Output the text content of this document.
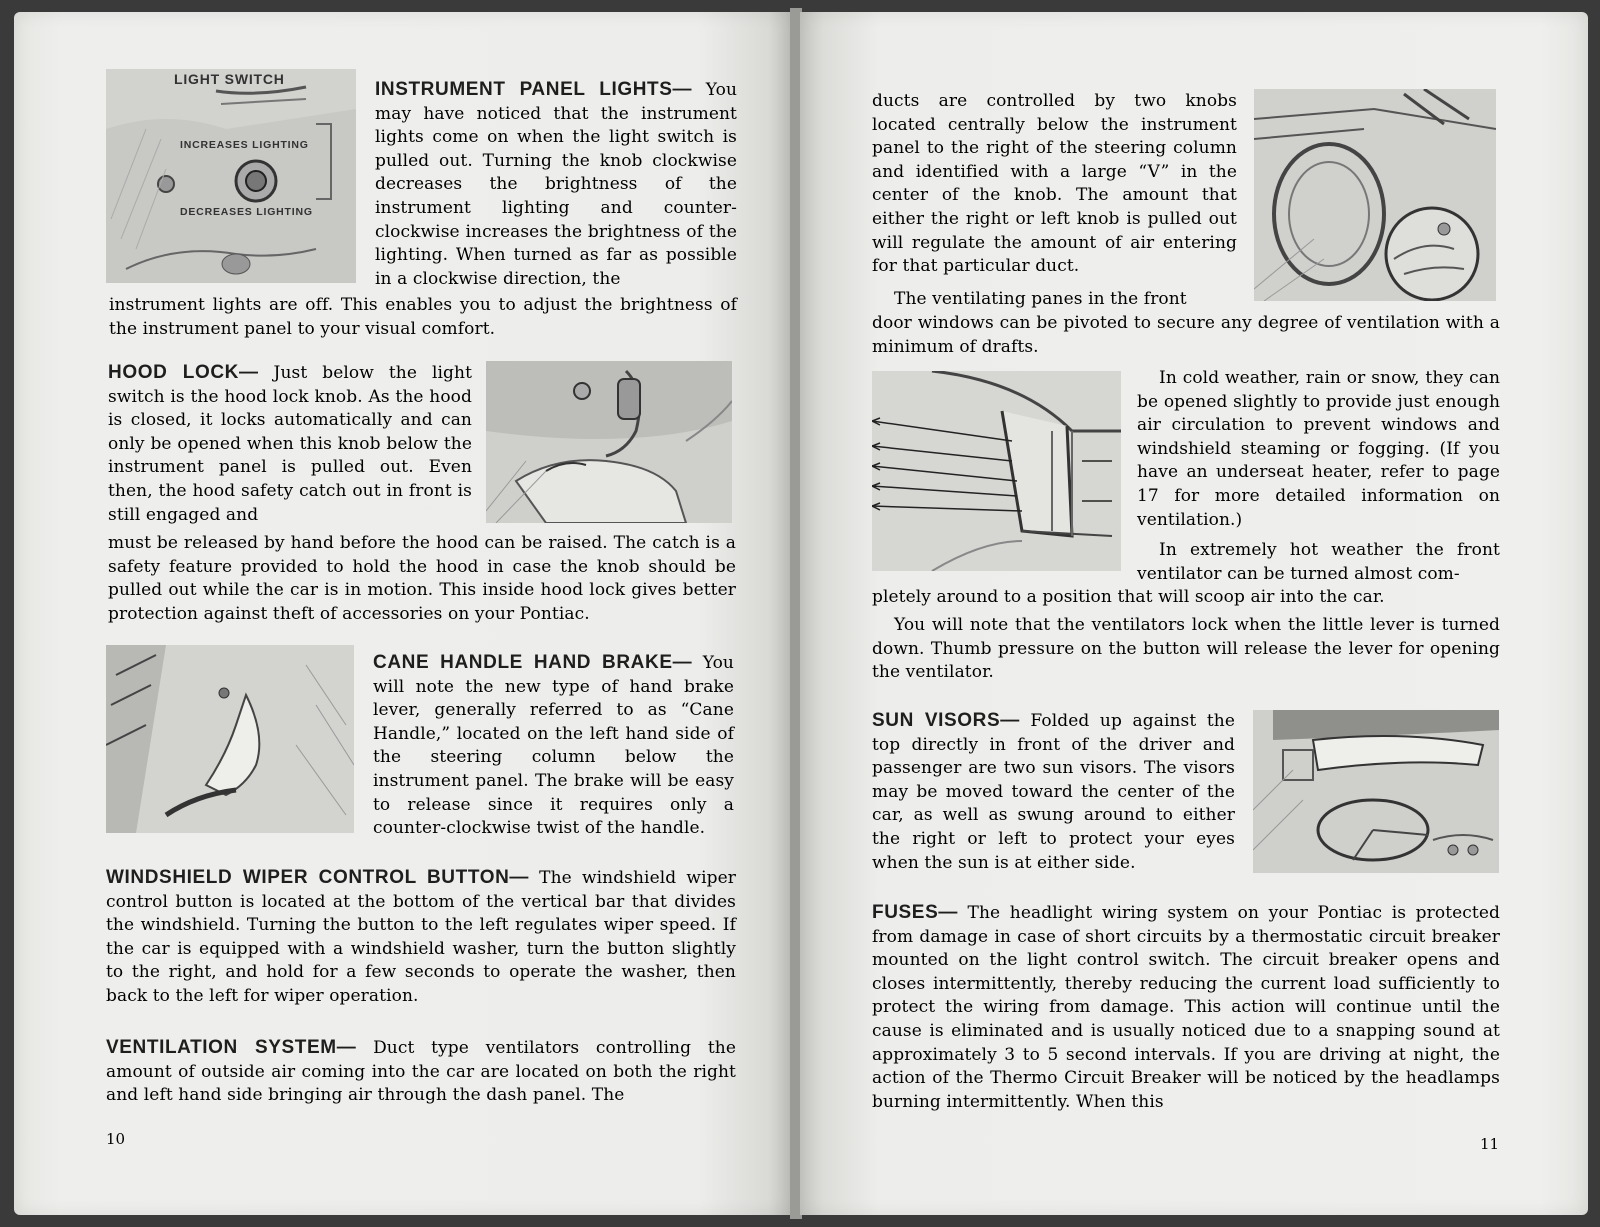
LIGHT SWITCH
INCREASES LIGHTING
DECREASES LIGHTING
INSTRUMENT PANEL LIGHTS— You may have noticed that the instrument lights come on when the light switch is pulled out. Turning the knob clockwise decreases the brightness of the instrument lighting and counter-clockwise increases the brightness of the lighting. When turned as far as possible in a clockwise direction, the
instrument lights are off. This enables you to adjust the brightness of the instrument panel to your visual comfort.
HOOD LOCK— Just below the light switch is the hood lock knob. As the hood is closed, it locks automatically and can only be opened when this knob below the instrument panel is pulled out. Even then, the hood safety catch out in front is still engaged and
must be released by hand before the hood can be raised. The catch is a safety feature provided to hold the hood in case the knob should be pulled out while the car is in motion. This inside hood lock gives better protection against theft of accessories on your Pontiac.
CANE HANDLE HAND BRAKE— You will note the new type of hand brake lever, generally referred to as “Cane Handle,” located on the left hand side of the steering column below the instrument panel. The brake will be easy to release since it requires only a counter-clockwise twist of the handle.
WINDSHIELD WIPER CONTROL BUTTON— The windshield wiper control button is located at the bottom of the vertical bar that divides the windshield. Turning the button to the left regulates wiper speed. If the car is equipped with a windshield washer, turn the button slightly to the right, and hold for a few seconds to operate the washer, then back to the left for wiper operation.
VENTILATION SYSTEM— Duct type ventilators controlling the amount of outside air coming into the car are located on both the right and left hand side bringing air through the dash panel. The
10
ducts are controlled by two knobs located centrally below the instrument panel to the right of the steering column and identified with a large “V” in the center of the knob. The amount that either the right or left knob is pulled out will regulate the amount of air entering for that particular duct.
The ventilating panes in the front
door windows can be pivoted to secure any degree of ventilation with a minimum of drafts.
In cold weather, rain or snow, they can be opened slightly to provide just enough air circulation to prevent windows and windshield steaming or fogging. (If you have an underseat heater, refer to page 17 for more detailed information on ventilation.)
In extremely hot weather the front ventilator can be turned almost com-
pletely around to a position that will scoop air into the car.
You will note that the ventilators lock when the little lever is turned down. Thumb pressure on the button will release the lever for opening the ventilator.
SUN VISORS— Folded up against the top directly in front of the driver and passenger are two sun visors. The visors may be moved toward the center of the car, as well as swung around to either the right or left to protect your eyes when the sun is at either side.
FUSES— The headlight wiring system on your Pontiac is protected from damage in case of short circuits by a thermostatic circuit breaker mounted on the light control switch. The circuit breaker opens and closes intermittently, thereby reducing the current load sufficiently to protect the wiring from damage. This action will continue until the cause is eliminated and is usually noticed due to a snapping sound at approximately 3 to 5 second intervals. If you are driving at night, the action of the Thermo Circuit Breaker will be noticed by the headlamps burning intermittently. When this
11
